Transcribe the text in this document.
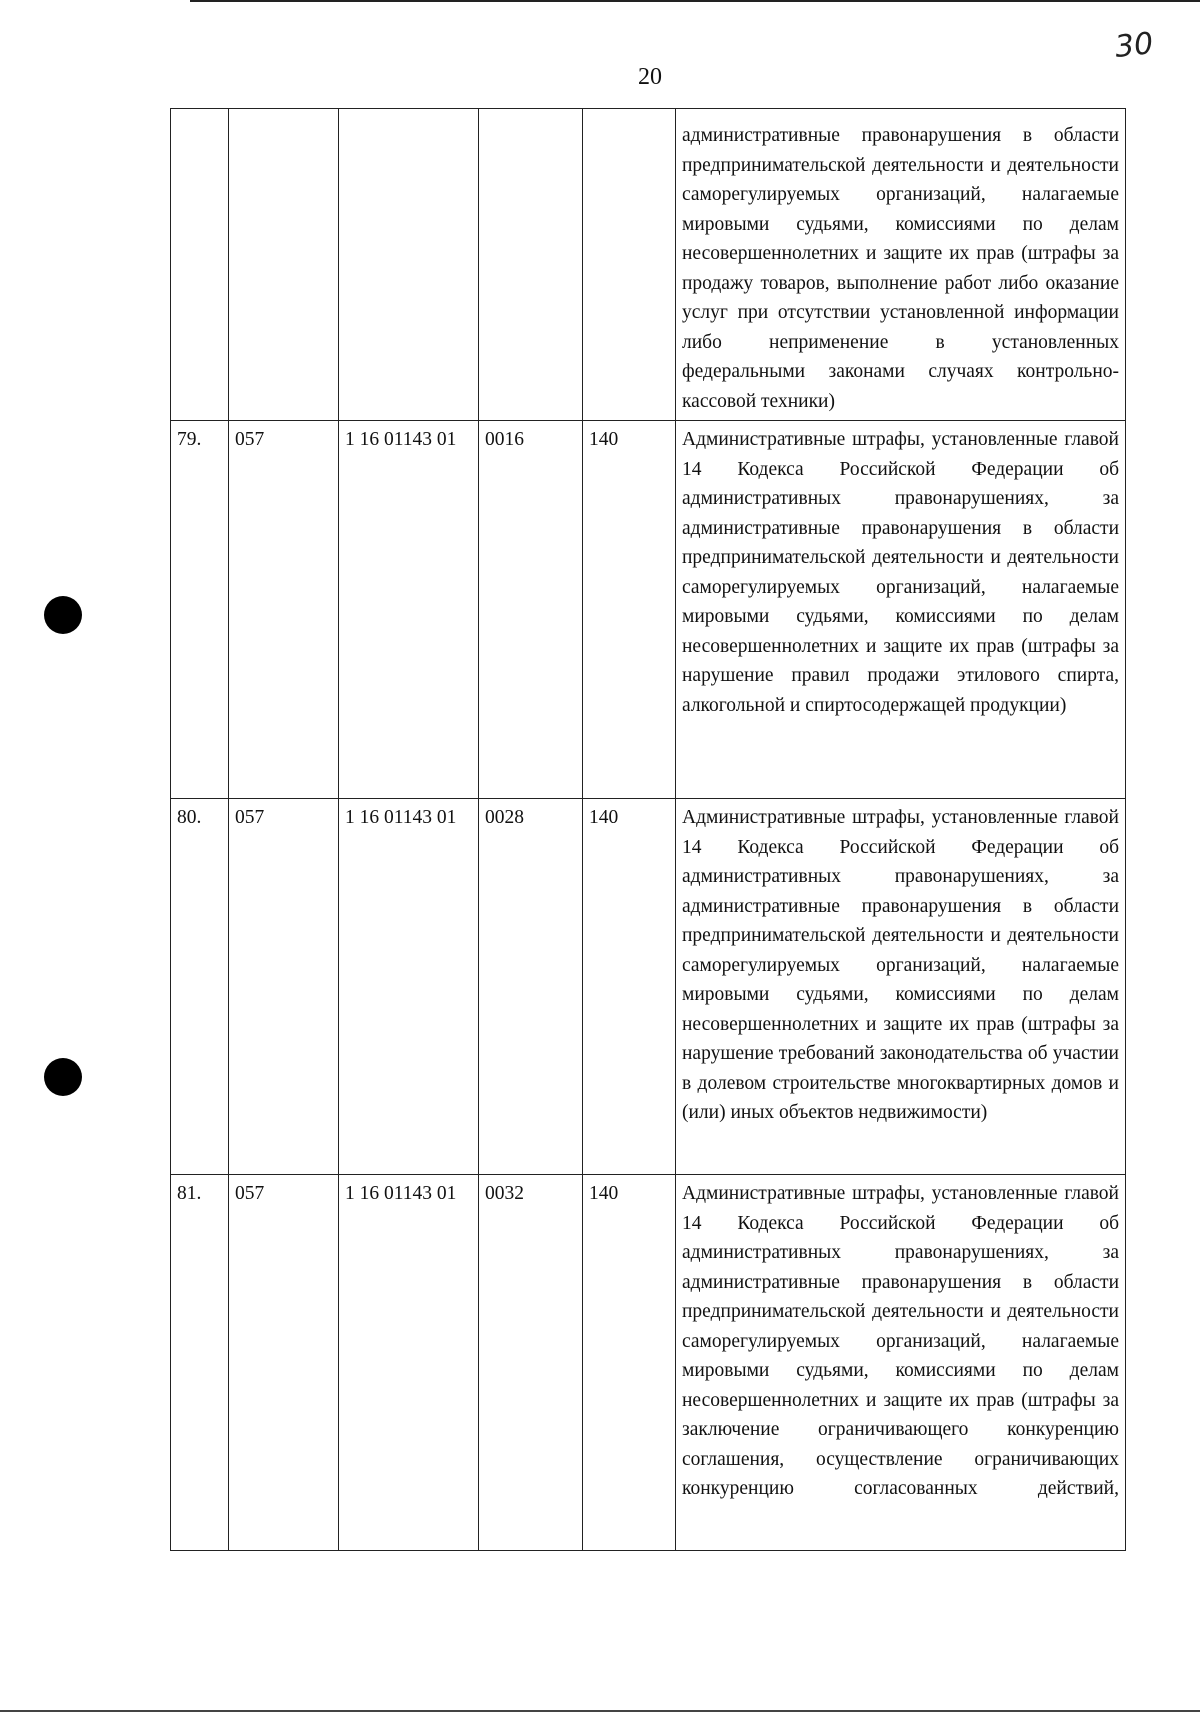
30
20
					административные правонарушения в области предпринимательской деятельности и деятельности саморегулируемых организаций, налагаемые мировыми судьями, комиссиями по делам несовершеннолетних и защите их прав (штрафы за продажу товаров, выполнение работ либо оказание услуг при отсутствии установленной информации либо неприменение в установленных федеральными законами случаях контрольно-кассовой техники)
79.	057	1 16 01143 01	0016	140	Административные штрафы, установленные главой 14 Кодекса Российской Федерации об административных правонарушениях, за административные правонарушения в области предпринимательской деятельности и деятельности саморегулируемых организаций, налагаемые мировыми судьями, комиссиями по делам несовершеннолетних и защите их прав (штрафы за нарушение правил продажи этилового спирта, алкогольной и спиртосодержащей продукции)
80.	057	1 16 01143 01	0028	140	Административные штрафы, установленные главой 14 Кодекса Российской Федерации об административных правонарушениях, за административные правонарушения в области предпринимательской деятельности и деятельности саморегулируемых организаций, налагаемые мировыми судьями, комиссиями по делам несовершеннолетних и защите их прав (штрафы за нарушение требований законодательства об участии в долевом строительстве многоквартирных домов и (или) иных объектов недвижимости)
81.	057	1 16 01143 01	0032	140	Административные штрафы, установленные главой 14 Кодекса Российской Федерации об административных правонарушениях, за административные правонарушения в области предпринимательской деятельности и деятельности саморегулируемых организаций, налагаемые мировыми судьями, комиссиями по делам несовершеннолетних и защите их прав (штрафы за заключение ограничивающего конкуренцию соглашения, осуществление ограничивающих конкуренцию согласованных действий,
